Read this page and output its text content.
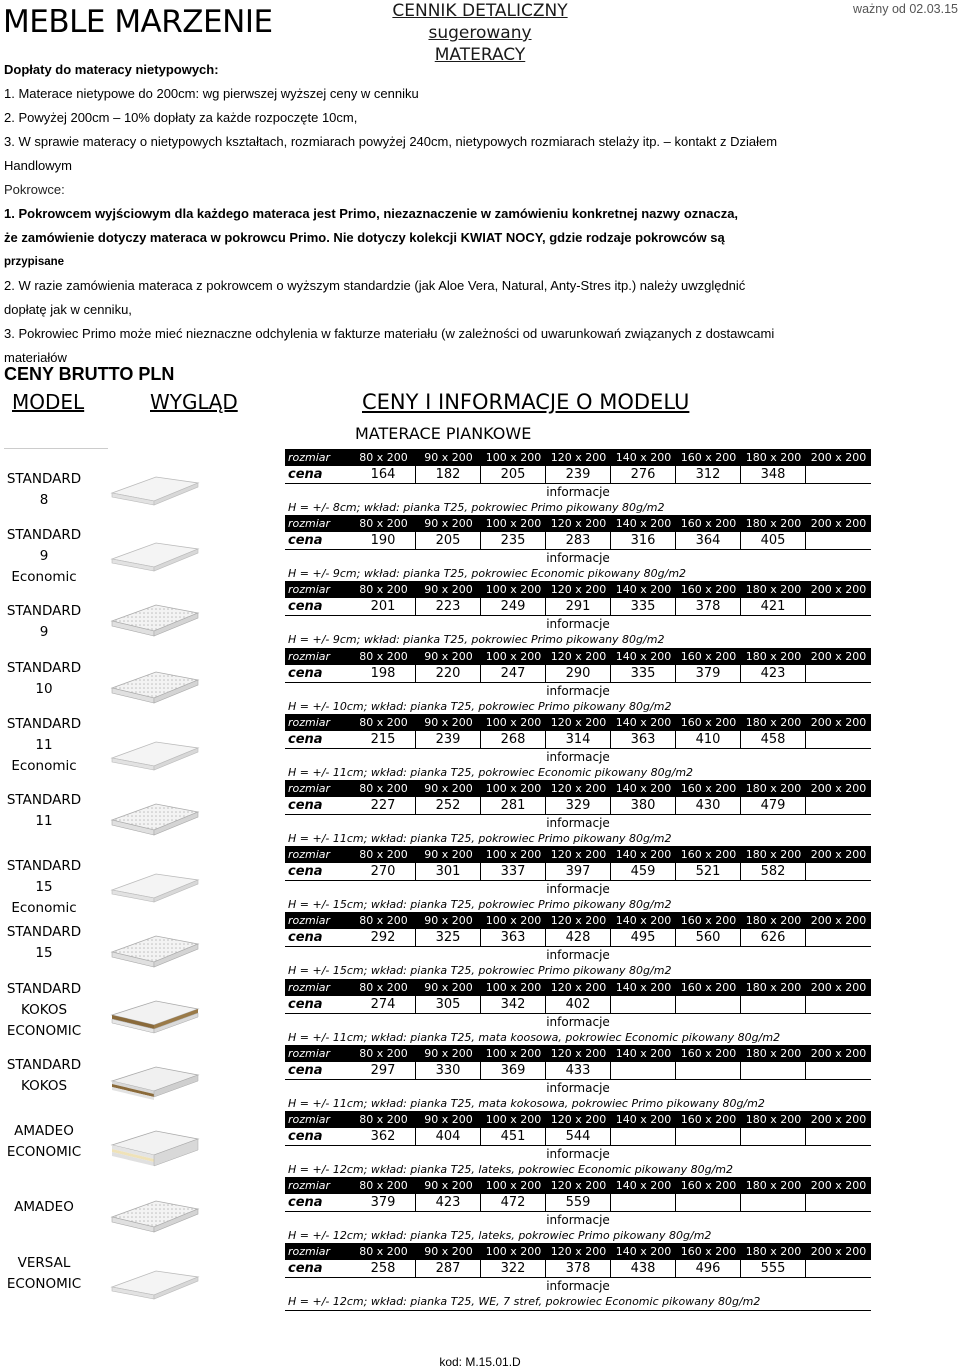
MEBLE MARZENIE	CENNIK DETALICZNY sugerowany
MATERACY
ważny od 02.03.15

Dopłaty do materacy nietypowych:

1. Materace nietypowe do 200cm: wg pierwszej wyższej ceny w cenniku

2. Powyżej 200cm – 10% dopłaty za każde rozpoczęte 10cm,

3. W sprawie materacy o nietypowych kształtach, rozmiarach powyżej 240cm, nietypowych rozmiarach stelaży itp. – kontakt z Działem

Handlowym

Pokrowce:

1. Pokrowcem wyjściowym dla każdego materaca jest Primo, niezaznaczenie w zamówieniu konkretnej nazwy oznacza,

że zamówienie dotyczy materaca w pokrowcu Primo. Nie dotyczy kolekcji KWIAT NOCY, gdzie rodzaje pokrowców są

przypisane

2. W razie zamówienia materaca z pokrowcem o wyższym standardzie (jak Aloe Vera, Natural, Anty-Stres itp.) należy uwzględnić

dopłatę jak w cenniku,

3. Pokrowiec Primo może mieć nieznaczne odchylenia w fakturze materiału (w zależności od uwarunkowań związanych z dostawcami

materiałów

CENY BRUTTO PLN
MODEL	WYGLĄD	CENY I INFORMACJE O MODELU
MATERACE PIANKOWE
STANDARD 8
rozmiar	80 x 200	90 x 200	100 x 200 120 x 200 140 x 200 160 x 200 180 x 200 200 x 200
cena	164	182	205	239	276	312	348
informacje
H = +/- 8cm; wkład: pianka T25, pokrowiec Primo pikowany 80g/m2
STANDARD 9
Economic
rozmiar	80 x 200	90 x 200	100 x 200 120 x 200 140 x 200 160 x 200 180 x 200 200 x 200
cena	190	205	235	283	316	364	405
informacje
H = +/- 9cm; wkład: pianka T25, pokrowiec Economic pikowany 80g/m2
STANDARD 9
rozmiar	80 x 200	90 x 200	100 x 200 120 x 200 140 x 200 160 x 200 180 x 200 200 x 200
cena	201	223	249	291	335	378	421
informacje
H = +/- 9cm; wkład: pianka T25, pokrowiec Primo pikowany 80g/m2
STANDARD
10
rozmiar	80 x 200	90 x 200	100 x 200 120 x 200 140 x 200 160 x 200 180 x 200 200 x 200
cena	198	220	247	290	335	379	423
informacje
H = +/- 10cm; wkład: pianka T25, pokrowiec Primo pikowany 80g/m2
STANDARD
11
Economic
rozmiar	80 x 200	90 x 200	100 x 200 120 x 200 140 x 200 160 x 200 180 x 200 200 x 200
cena	215	239	268	314	363	410	458
informacje
H = +/- 11cm; wkład: pianka T25, pokrowiec Economic pikowany 80g/m2
STANDARD
11
rozmiar	80 x 200	90 x 200	100 x 200 120 x 200 140 x 200 160 x 200 180 x 200 200 x 200
cena	227	252	281	329	380	430	479
informacje
H = +/- 11cm; wkład: pianka T25, pokrowiec Primo pikowany 80g/m2
STANDARD
15 Economic
rozmiar	80 x 200	90 x 200	100 x 200 120 x 200 140 x 200 160 x 200 180 x 200 200 x 200
cena	270	301	337	397	459	521	582
informacje
H = +/- 15cm; wkład: pianka T25, pokrowiec Primo pikowany 80g/m2
STANDARD
15
rozmiar	80 x 200	90 x 200	100 x 200 120 x 200 140 x 200 160 x 200 180 x 200 200 x 200
cena	292	325	363	428	495	560	626
informacje
H = +/- 15cm; wkład: pianka T25, pokrowiec Primo pikowany 80g/m2
STANDARD
KOKOS
ECONOMIC
rozmiar	80 x 200	90 x 200	100 x 200 120 x 200 140 x 200 160 x 200 180 x 200 200 x 200
cena	274	305	342	402
informacje
H = +/- 11cm; wkład: pianka T25, mata koosowa, pokrowiec Economic pikowany 80g/m2
STANDARD
KOKOS
rozmiar	80 x 200	90 x 200	100 x 200 120 x 200 140 x 200 160 x 200 180 x 200 200 x 200
cena	297	330	369	433
informacje
H = +/- 11cm; wkład: pianka T25, mata kokosowa, pokrowiec Primo pikowany 80g/m2
AMADEO
ECONOMIC
rozmiar	80 x 200	90 x 200	100 x 200 120 x 200 140 x 200 160 x 200 180 x 200 200 x 200
cena	362	404	451	544
informacje
H = +/- 12cm; wkład: pianka T25, lateks, pokrowiec Economic pikowany 80g/m2
AMADEO
rozmiar	80 x 200	90 x 200	100 x 200 120 x 200 140 x 200 160 x 200 180 x 200 200 x 200
cena	379	423	472	559
informacje
H = +/- 12cm; wkład: pianka T25, lateks, pokrowiec Primo pikowany 80g/m2
VERSAL
ECONOMIC
rozmiar	80 x 200	90 x 200	100 x 200 120 x 200 140 x 200 160 x 200 180 x 200 200 x 200
cena	258	287	322	378	438	496	555
informacje
H = +/- 12cm; wkład: pianka T25, WE, 7 stref, pokrowiec Economic pikowany 80g/m2
kod: M.15.01.D
